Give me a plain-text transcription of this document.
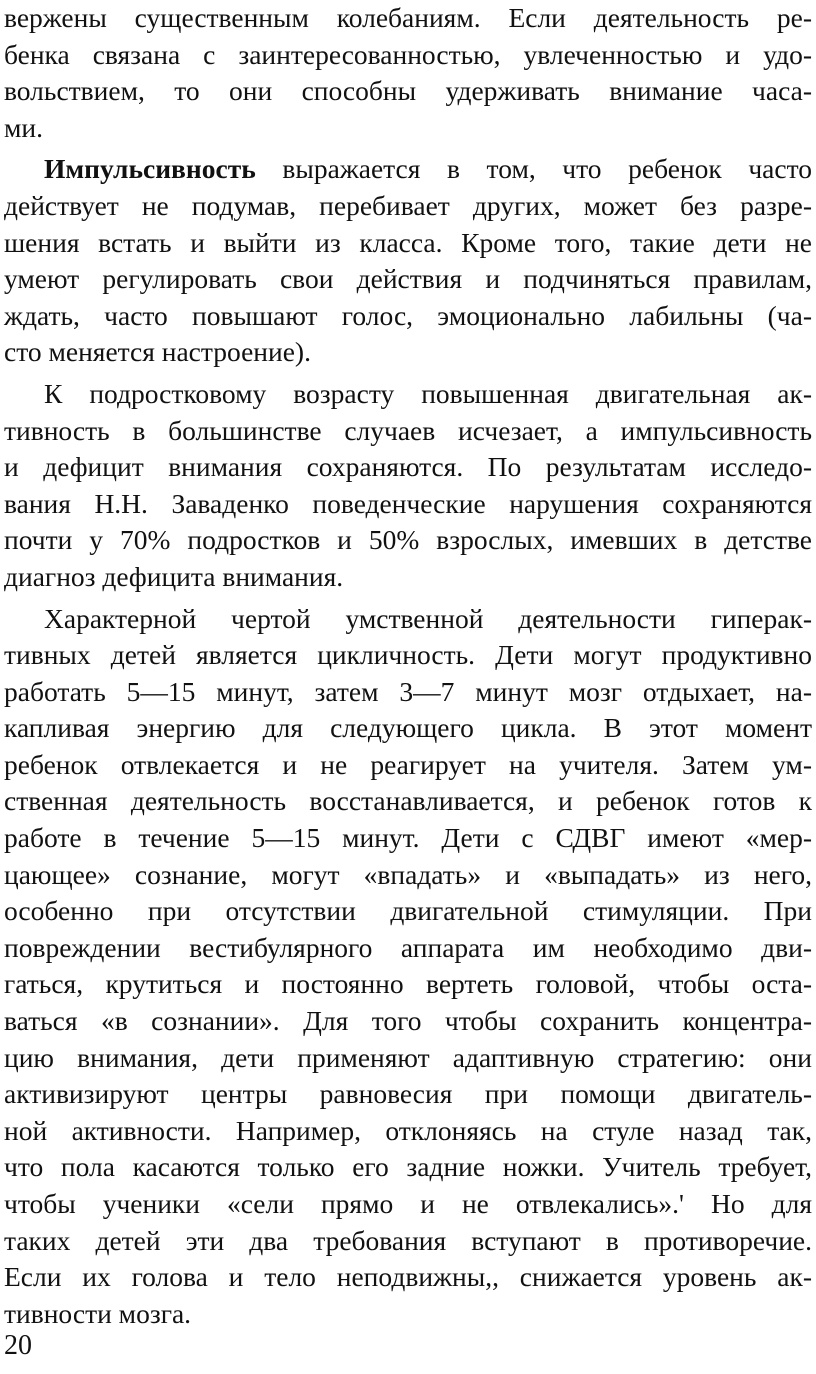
вержены существенным колебаниям. Если деятельность ре-
бенка связана с заинтересованностью, увлеченностью и удо-
вольствием, то они способны удерживать внимание часа-
ми.
Импульсивность выражается в том, что ребенок часто
действует не подумав, перебивает других, может без разре-
шения встать и выйти из класса. Кроме того, такие дети не
умеют регулировать свои действия и подчиняться правилам,
ждать, часто повышают голос, эмоционально лабильны (ча-
сто меняется настроение).
К подростковому возрасту повышенная двигательная ак-
тивность в большинстве случаев исчезает, а импульсивность
и дефицит внимания сохраняются. По результатам исследо-
вания Н.Н. Заваденко поведенческие нарушения сохраняются
почти у 70% подростков и 50% взрослых, имевших в детстве
диагноз дефицита внимания.
Характерной чертой умственной деятельности гиперак-
тивных детей является цикличность. Дети могут продуктивно
работать 5—15 минут, затем 3—7 минут мозг отдыхает, на-
капливая энергию для следующего цикла. В этот момент
ребенок отвлекается и не реагирует на учителя. Затем ум-
ственная деятельность восстанавливается, и ребенок готов к
работе в течение 5—15 минут. Дети с СДВГ имеют «мер-
цающее» сознание, могут «впадать» и «выпадать» из него,
особенно при отсутствии двигательной стимуляции. При
повреждении вестибулярного аппарата им необходимо дви-
гаться, крутиться и постоянно вертеть головой, чтобы оста-
ваться «в сознании». Для того чтобы сохранить концентра-
цию внимания, дети применяют адаптивную стратегию: они
активизируют центры равновесия при помощи двигатель-
ной активности. Например, отклоняясь на стуле назад так,
что пола касаются только его задние ножки. Учитель требует,
чтобы ученики «сели прямо и не отвлекались».' Но для
таких детей эти два требования вступают в противоречие.
Если их голова и тело неподвижны,, снижается уровень ак-
тивности мозга.
20
